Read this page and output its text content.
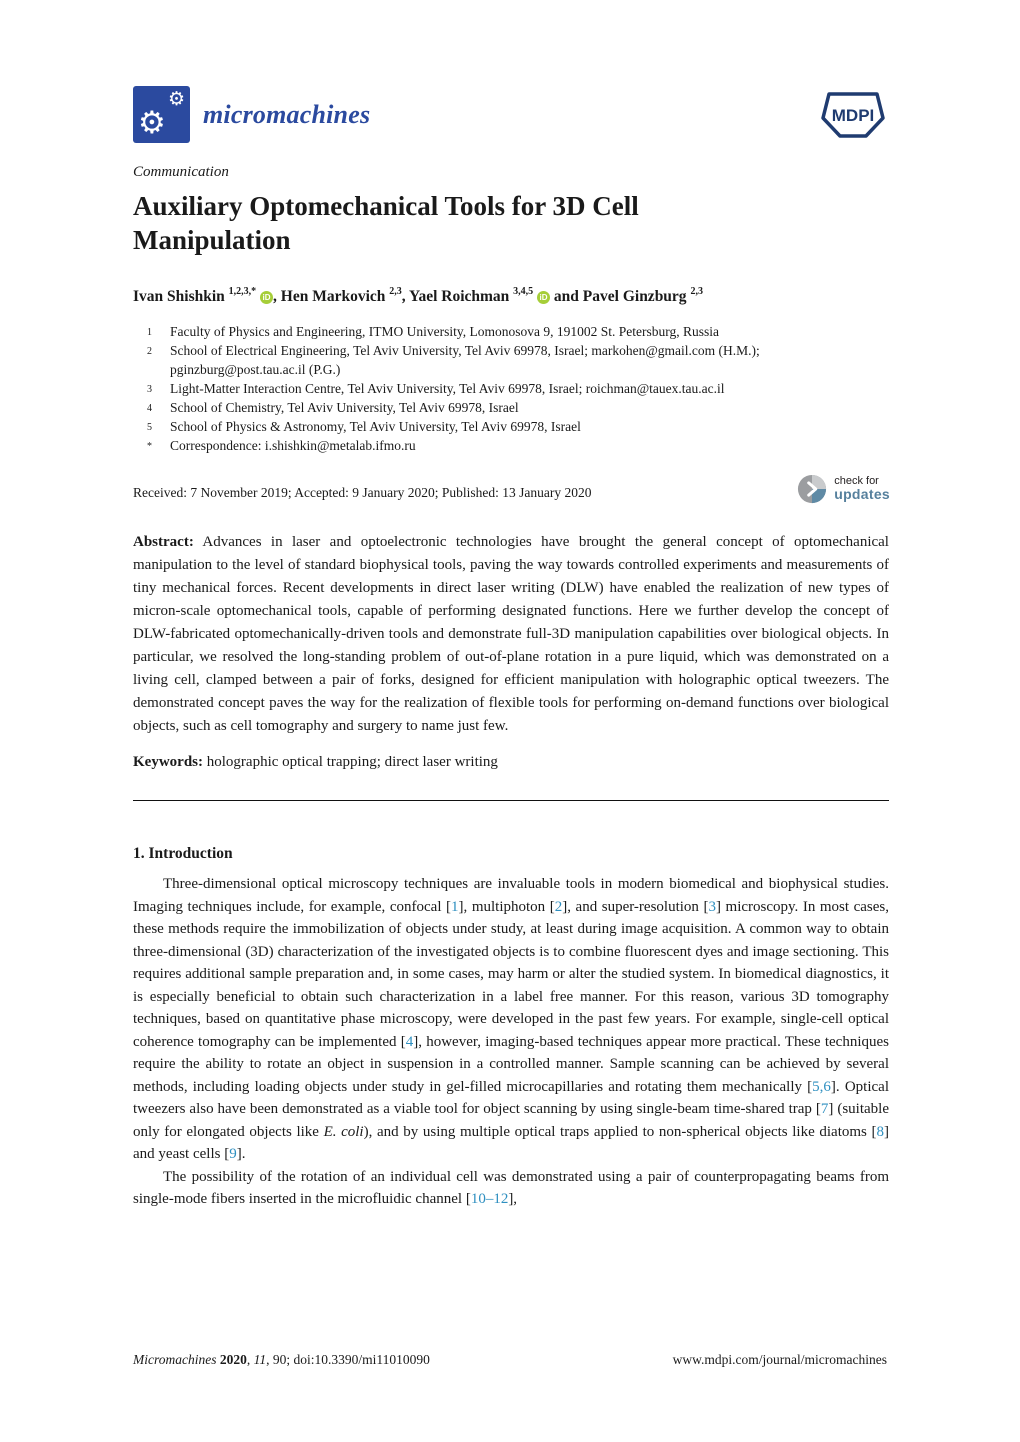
⚙
⚙
micromachines	MDPI
Communication
Auxiliary Optomechanical Tools for 3D Cell Manipulation

Ivan Shishkin $^{1,2,3,*}$ iD , Hen Markovich $^{2,3}$, Yael Roichman $^{3,4,5}$ iD and Pavel Ginzburg $^{2,3}$

1	Faculty of Physics and Engineering, ITMO University, Lomonosova 9, 191002 St. Petersburg, Russia
2	School of Electrical Engineering, Tel Aviv University, Tel Aviv 69978, Israel; markohen@gmail.com (H.M.); pginzburg@post.tau.ac.il (P.G.)
3	Light-Matter Interaction Centre, Tel Aviv University, Tel Aviv 69978, Israel; roichman@tauex.tau.ac.il
4	School of Chemistry, Tel Aviv University, Tel Aviv 69978, Israel
5	School of Physics & Astronomy, Tel Aviv University, Tel Aviv 69978, Israel
*	Correspondence: i.shishkin@metalab.ifmo.ru

Received: 7 November 2019; Accepted: 9 January 2020; Published: 13 January 2020

Abstract: Advances in laser and optoelectronic technologies have brought the general concept of optomechanical manipulation to the level of standard biophysical tools, paving the way towards controlled experiments and measurements of tiny mechanical forces. Recent developments in direct laser writing (DLW) have enabled the realization of new types of micron-scale optomechanical tools, capable of performing designated functions. Here we further develop the concept of DLW-fabricated optomechanically-driven tools and demonstrate full-3D manipulation capabilities over biological objects. In particular, we resolved the long-standing problem of out-of-plane rotation in a pure liquid, which was demonstrated on a living cell, clamped between a pair of forks, designed for efficient manipulation with holographic optical tweezers. The demonstrated concept paves the way for the realization of flexible tools for performing on-demand functions over biological objects, such as cell tomography and surgery to name just few.

Keywords: holographic optical trapping; direct laser writing

1. Introduction

Three-dimensional optical microscopy techniques are invaluable tools in modern biomedical and biophysical studies. Imaging techniques include, for example, confocal [1], multiphoton [2], and super-resolution [3] microscopy. In most cases, these methods require the immobilization of objects under study, at least during image acquisition. A common way to obtain three-dimensional (3D) characterization of the investigated objects is to combine fluorescent dyes and image sectioning. This requires additional sample preparation and, in some cases, may harm or alter the studied system. In biomedical diagnostics, it is especially beneficial to obtain such characterization in a label free manner. For this reason, various 3D tomography techniques, based on quantitative phase microscopy, were developed in the past few years. For example, single-cell optical coherence tomography can be implemented [4], however, imaging-based techniques appear more practical. These techniques require the ability to rotate an object in suspension in a controlled manner. Sample scanning can be achieved by several methods, including loading objects under study in gel-filled microcapillaries and rotating them mechanically [5,6]. Optical tweezers also have been demonstrated as a viable tool for object scanning by using single-beam time-shared trap [7] (suitable only for elongated objects like E. coli), and by using multiple optical traps applied to non-spherical objects like diatoms [8] and yeast cells [9].

The possibility of the rotation of an individual cell was demonstrated using a pair of counterpropagating beams from single-mode fibers inserted in the microfluidic channel [10–12],

check for
updates
Micromachines 2020, 11, 90; doi:10.3390/mi11010090	www.mdpi.com/journal/micromachines
